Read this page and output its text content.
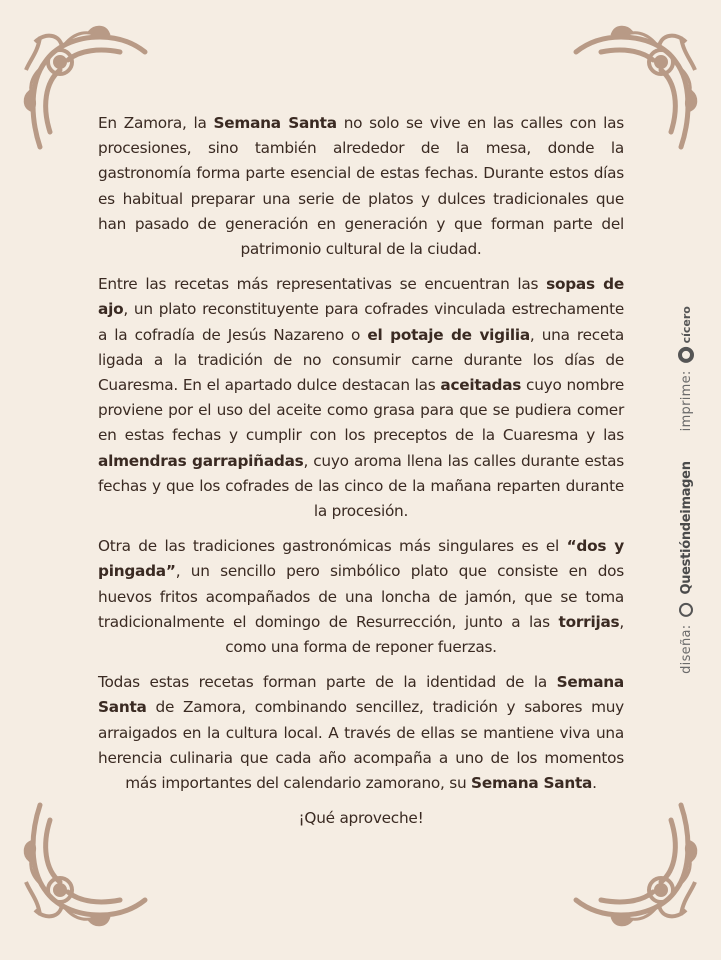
En Zamora, la Semana Santa no solo se vive en las calles con las procesiones, sino también alrededor de la mesa, donde la gastronomía forma parte esencial de estas fechas. Durante estos días es habitual preparar una serie de platos y dulces tradicionales que han pasado de generación en generación y que forman parte del patrimonio cultural de la ciudad.

Entre las recetas más representativas se encuentran las sopas de ajo, un plato reconstituyente para cofrades vinculada estrechamente a la cofradía de Jesús Nazareno o el potaje de vigilia, una receta ligada a la tradición de no consumir carne durante los días de Cuaresma. En el apartado dulce destacan las aceitadas cuyo nombre proviene por el uso del aceite como grasa para que se pudiera comer en estas fechas y cumplir con los preceptos de la Cuaresma y las almendras garrapiñadas, cuyo aroma llena las calles durante estas fechas y que los cofrades de las cinco de la mañana reparten durante la procesión.

Otra de las tradiciones gastronómicas más singulares es el “dos y pingada”, un sencillo pero simbólico plato que consiste en dos huevos fritos acompañados de una loncha de jamón, que se toma tradicionalmente el domingo de Resurrección, junto a las torrijas, como una forma de reponer fuerzas.

Todas estas recetas forman parte de la identidad de la Semana Santa de Zamora, combinando sencillez, tradición y sabores muy arraigados en la cultura local. A través de ellas se mantiene viva una herencia culinaria que cada año acompaña a uno de los momentos más importantes del calendario zamorano, su Semana Santa.

¡Qué aproveche!

diseña:
Questióndeimagen
imprime:
cícero
